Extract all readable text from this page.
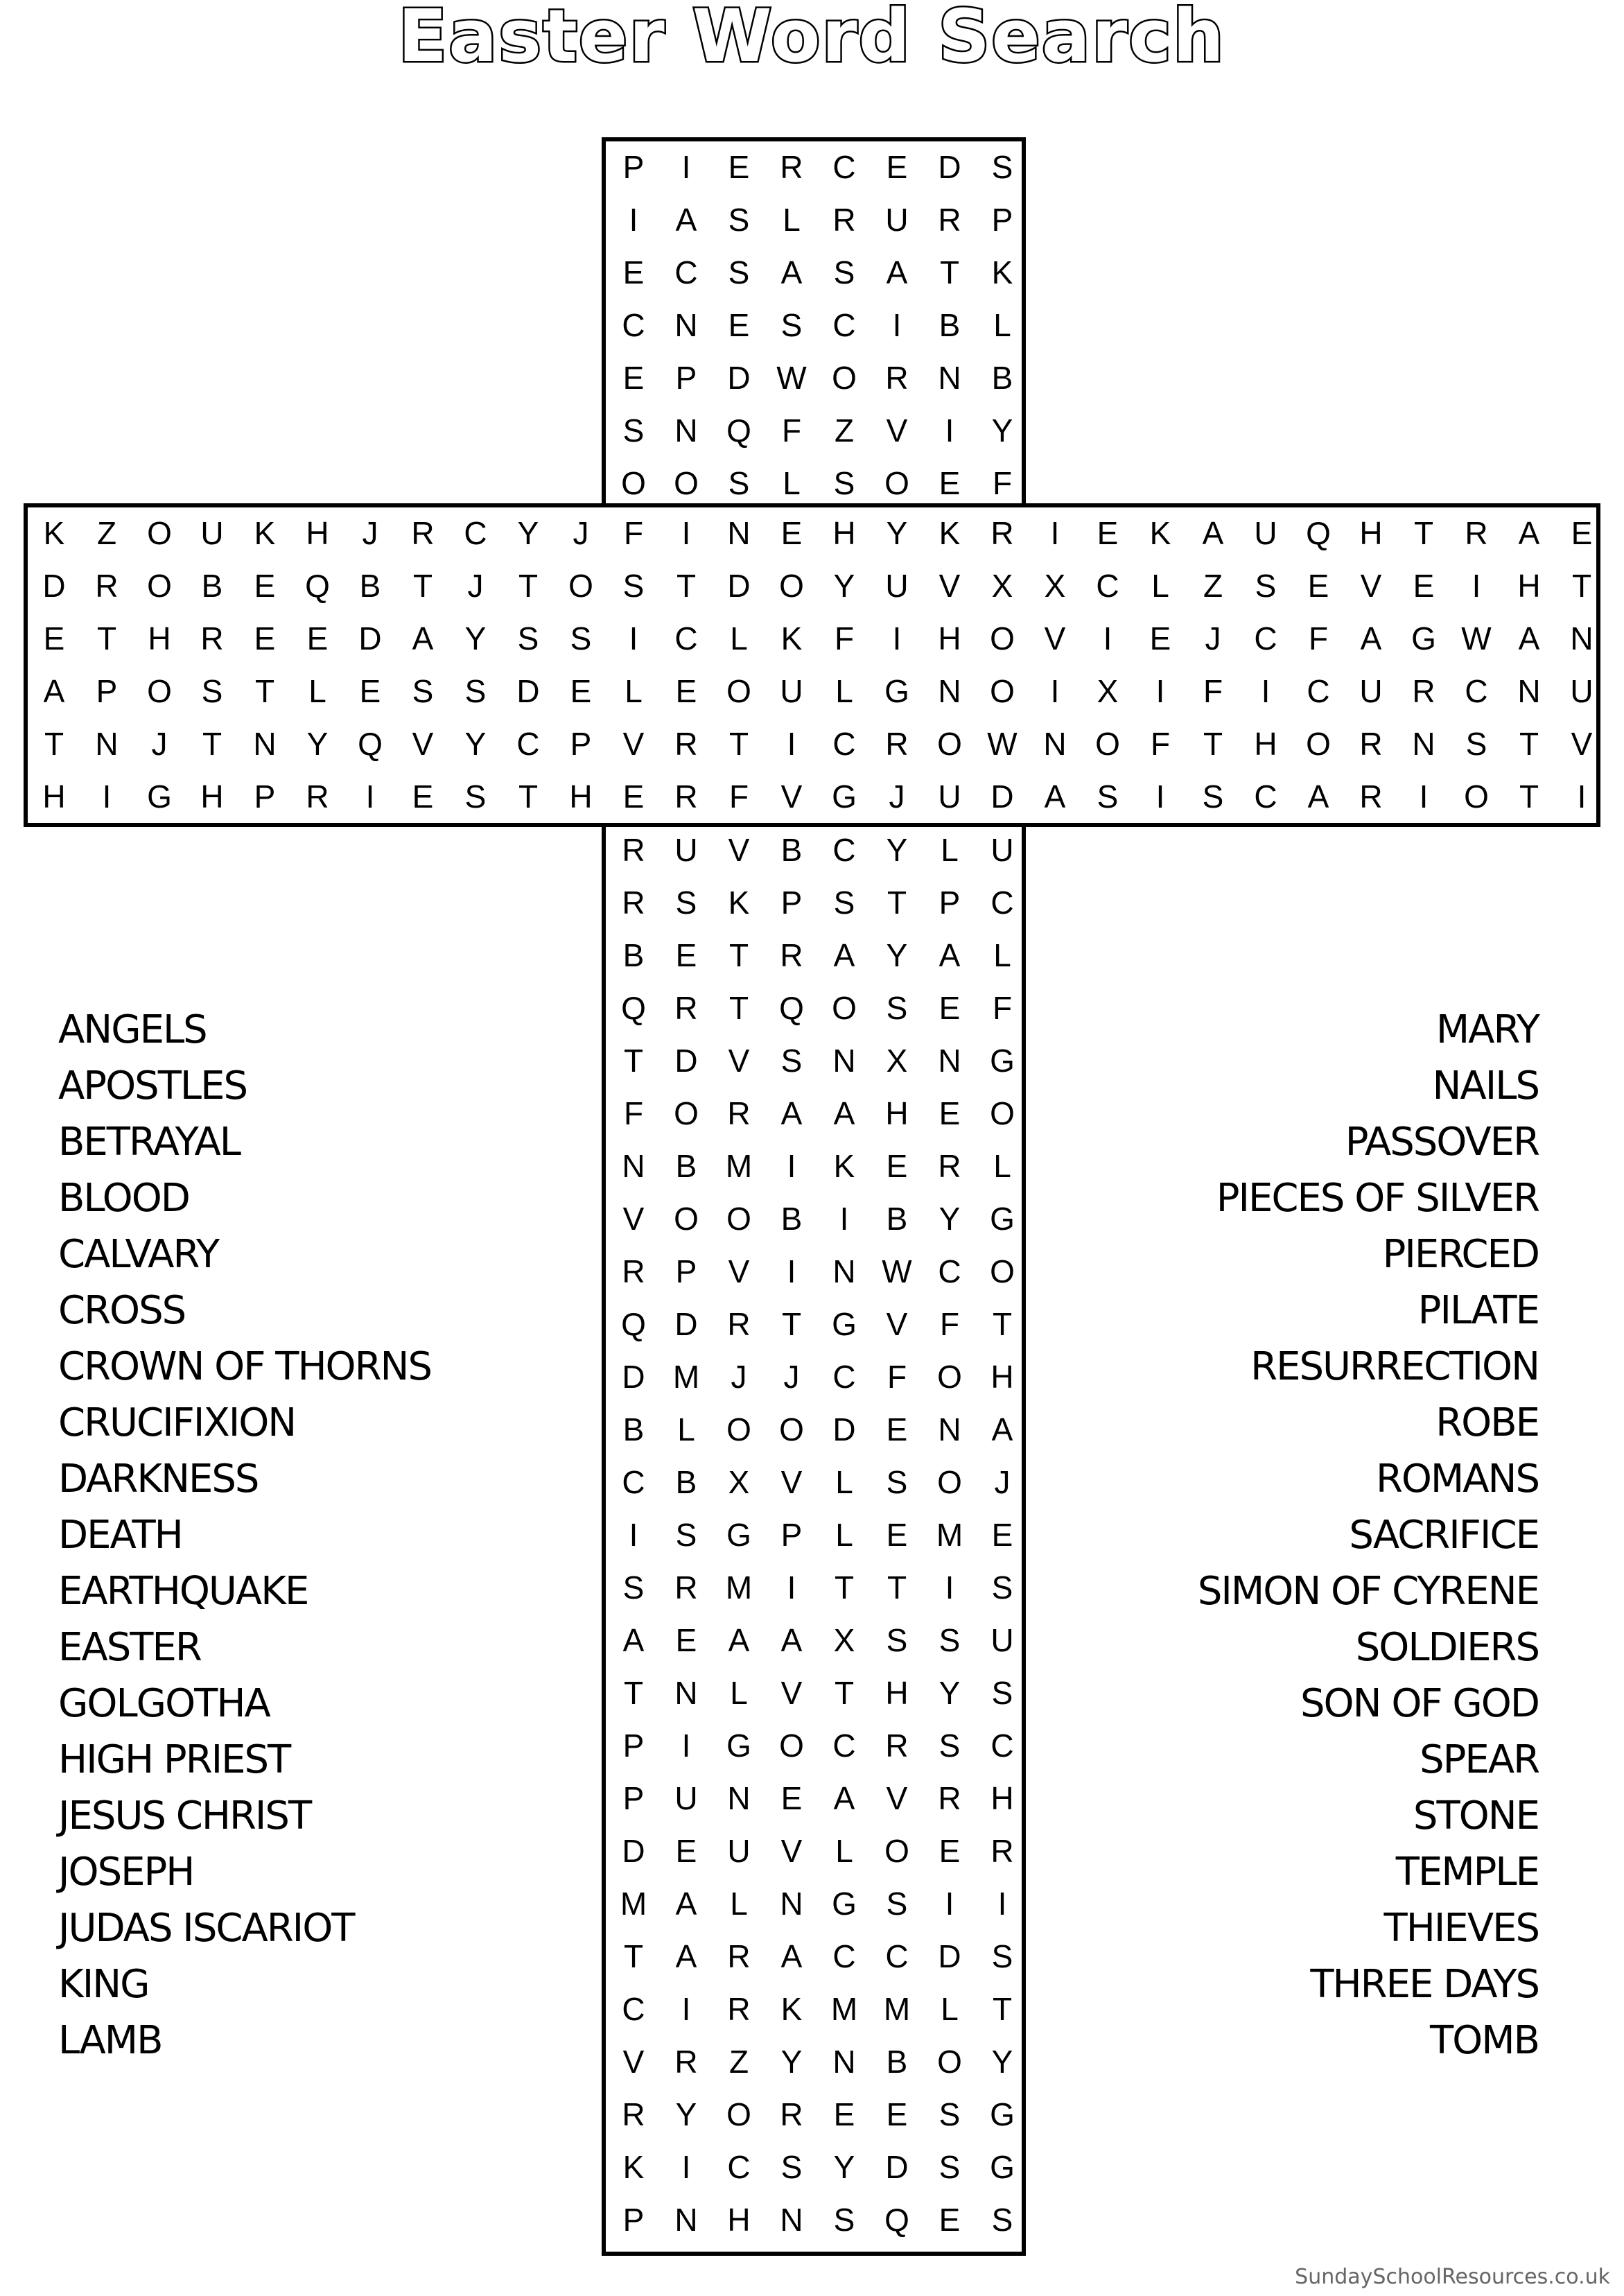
Easter Word Search
P	I	E R C E D S
I	A S	L	R U R P
E C S A S A	T	K
C N E S C	I	B	L
E P D W O R N B
S N Q F	Z	V	I	Y
O O S	L	S O E	F
K	Z O U K H	J	R C Y	J	F	I	N E H Y K R	I	E K A U Q H T R A E
D R O B E Q B	T	J	T O S	T D O Y U V X X C	L	Z	S E V E	I	H T
E	T H R E E D A Y S S	I	C	L	K	F	I	H O V	I	E	J	C F	A G W A N
A P O S	T	L	E S S D E	L	E O U	L G N O	I	X	I	F	I	C U R C N U
T N	J	T N Y Q V Y C P V R T	I	C R O W N O F	T H O R N S	T	V
H	I	G H P R	I	E S	T H E R F	V G	J	U D A S	I	S C A R	I	O T	I
R U V B C Y	L	U
R S K P S	T	P C
B E	T R A Y A	L
Q R T Q O S E	F
T D V S N X N G
F O R A A H E O
N B M	I	K E R	L
V O O B	I	B Y G
R P V	I	N W C O
Q D R T G V	F	T
D M J	J	C F O H
B	L O O D E N A
C B X V	L	S O	J
I	S G P	L	E M E
S R M	I	T	T	I	S
A E A A X S S U
T N	L	V	T H Y S
P	I	G O C R S C
P U N E A V R H
D E U V	L O E R
M A	L	N G S	I	I
T	A R A C C D S
C	I	R K M M L	T
V R Z	Y N B O Y
R Y O R E E S G
K	I	C S Y D S G
P N H N S Q E S
ANGELS
APOSTLES
BETRAYAL
BLOOD
CALVARY
CROSS
CROWN OF THORNS
CRUCIFIXION
DARKNESS
DEATH
EARTHQUAKE
EASTER
GOLGOTHA
HIGH PRIEST
JESUS CHRIST
JOSEPH
JUDAS ISCARIOT
KING
LAMB
MARY
NAILS
PASSOVER
PIECES OF SILVER
PIERCED
PILATE
RESURRECTION
ROBE
ROMANS
SACRIFICE
SIMON OF CYRENE
SOLDIERS
SON OF GOD
SPEAR
STONE
TEMPLE
THIEVES
THREE DAYS
TOMB
SundaySchoolResources.co.uk
